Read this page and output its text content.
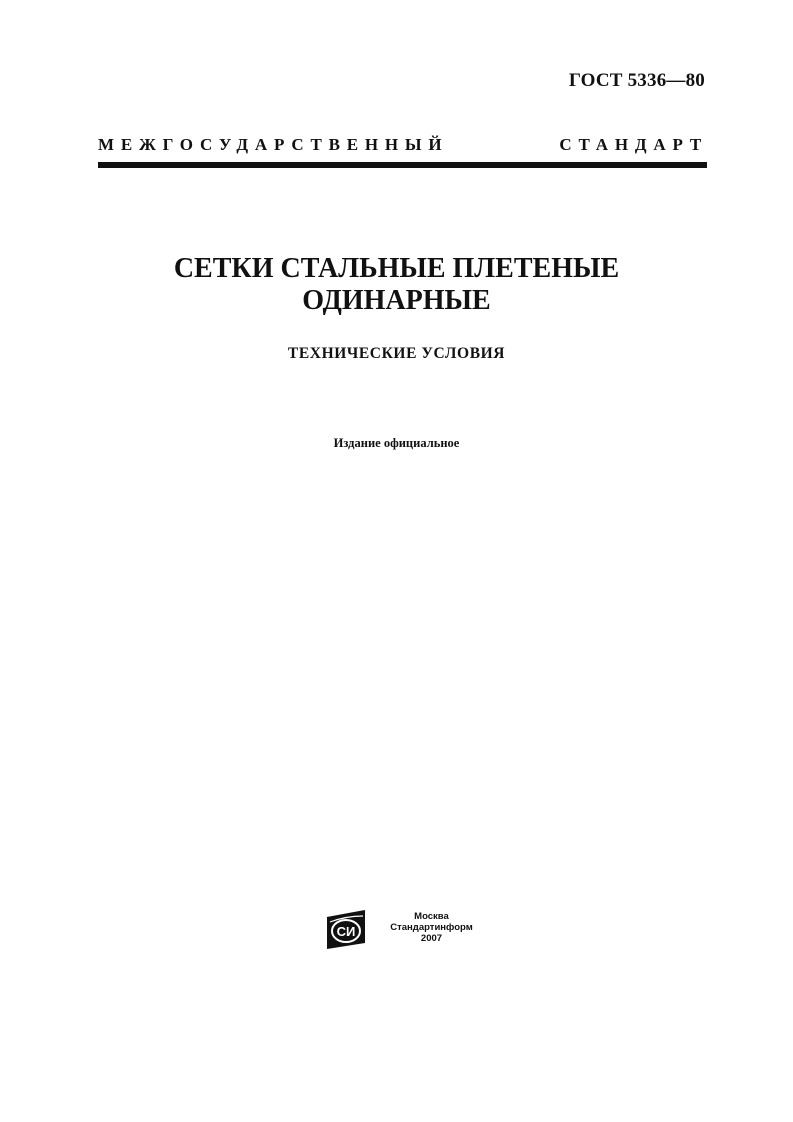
ГОСТ 5336—80
МЕЖГОСУДАРСТВЕННЫЙ СТАНДАРТ
СЕТКИ СТАЛЬНЫЕ ПЛЕТЕНЫЕ
ОДИНАРНЫЕ
ТЕХНИЧЕСКИЕ УСЛОВИЯ
Издание официальное
СИ
Москва
Стандартинформ
2007
